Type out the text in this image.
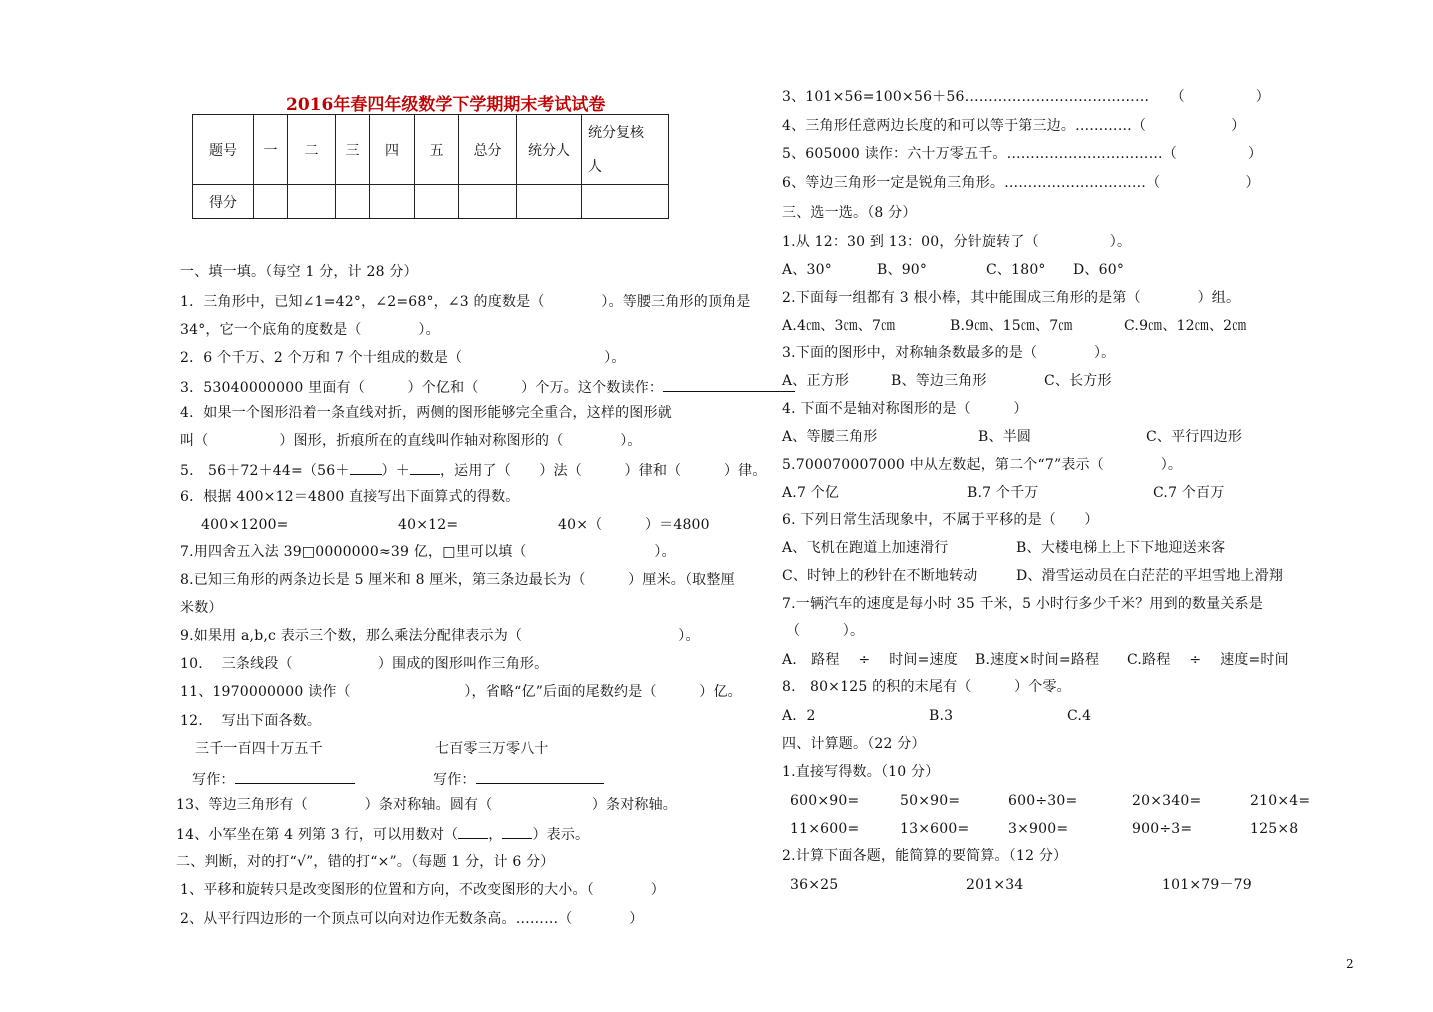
2016年春四年级数学下学期期末考试试卷
题号	一	二	三	四	五	总分	统分人	统分复核
人
得分								
一、填一填。（每空 1 分，计 28 分）
1．三角形中，已知∠1=42°，∠2=68°，∠3 的度数是（　　　　）。等腰三角形的顶角是
34°，它一个底角的度数是（　　　　）。
2．6 个千万、2 个万和 7 个十组成的数是（　　　　　　　　　　）。
3．53040000000 里面有（　　　）个亿和（　　　）个万。这个数读作：
4．如果一个图形沿着一条直线对折，两侧的图形能够完全重合，这样的图形就
叫（　　　　　）图形，折痕所在的直线叫作轴对称图形的（　　　　）。
5.　56＋72＋44=（56＋ ）＋ ，运用了（　　）法（　　　）律和（　　　）律。
6．根据 400×12＝4800 直接写出下面算式的得数。
400×1200=	40×12=	40×（　　　）＝4800
7.用四舍五入法 39□0000000≈39 亿，□里可以填（　　　　　　　　　）。
8.已知三角形的两条边长是 5 厘米和 8 厘米，第三条边最长为（　　　）厘米。（取整厘
米数）
9.如果用 a,b,c 表示三个数，那么乘法分配律表示为（　　　　　　　　　　　）。
10.　 三条线段（　　　　　　）围成的图形叫作三角形。
11、1970000000 读作（　　　　　　　　），省略“亿”后面的尾数约是（　　　）亿。
12.　 写出下面各数。
三千一百四十万五千	七百零三万零八十
写作：	写作：
13、等边三角形有（　　　　）条对称轴。圆有（　　　　　　　）条对称轴。
14、小军坐在第 4 列第 3 行，可以用数对（ ， ）表示。
二、判断，对的打“√”，错的打“×”。（每题 1 分，计 6 分）
1、平移和旋转只是改变图形的位置和方向，不改变图形的大小。（　　　　）
2、从平行四边形的一个顶点可以向对边作无数条高。………（　　　　）
3、101×56=100×56＋56…………………………………　　（　　　　　）
4、三角形任意两边长度的和可以等于第三边。…………（　　　　　　）
5、605000 读作：六十万零五千。……………………………（　　　　　）
6、等边三角形一定是锐角三角形。…………………………（　　　　　　）
三、选一选。（8 分）
1.从 12：30 到 13：00，分针旋转了（　　　　　）。
A、30°	B、90°	C、180° D、60°
2.下面每一组都有 3 根小棒，其中能围成三角形的是第（　　　　）组。
A.4㎝、3㎝、7㎝	B.9㎝、15㎝、7㎝	C.9㎝、12㎝、2㎝
3.下面的图形中，对称轴条数最多的是（　　　　）。
A、正方形	B、等边三角形	C、长方形
4. 下面不是轴对称图形的是（　　　）
A、等腰三角形	B、半圆	C、平行四边形
5.700070007000 中从左数起，第二个“7”表示（　　　　）。
A.7 个亿	B.7 个千万	C.7 个百万
6. 下列日常生活现象中，不属于平移的是（　　）
A、飞机在跑道上加速滑行	B、大楼电梯上上下下地迎送来客
C、时钟上的秒针在不断地转动	D、滑雪运动员在白茫茫的平坦雪地上滑翔
7.一辆汽车的速度是每小时 35 千米，5 小时行多少千米？用到的数量关系是
（　　　）。
A.　路程　 ÷　 时间=速度 B.速度×时间=路程 C.路程　 ÷　 速度=时间
8.　80×125 的积的末尾有（　　　）个零。
A．2	B.3	C.4
四、计算题。（22 分）
1.直接写得数。（10 分）
600×90=	50×90=	600÷30=	20×340=	210×4=
11×600=	13×600=	3×900=	900÷3=	125×8
2.计算下面各题，能简算的要简算。（12 分）
36×25	201×34	101×79－79
2
